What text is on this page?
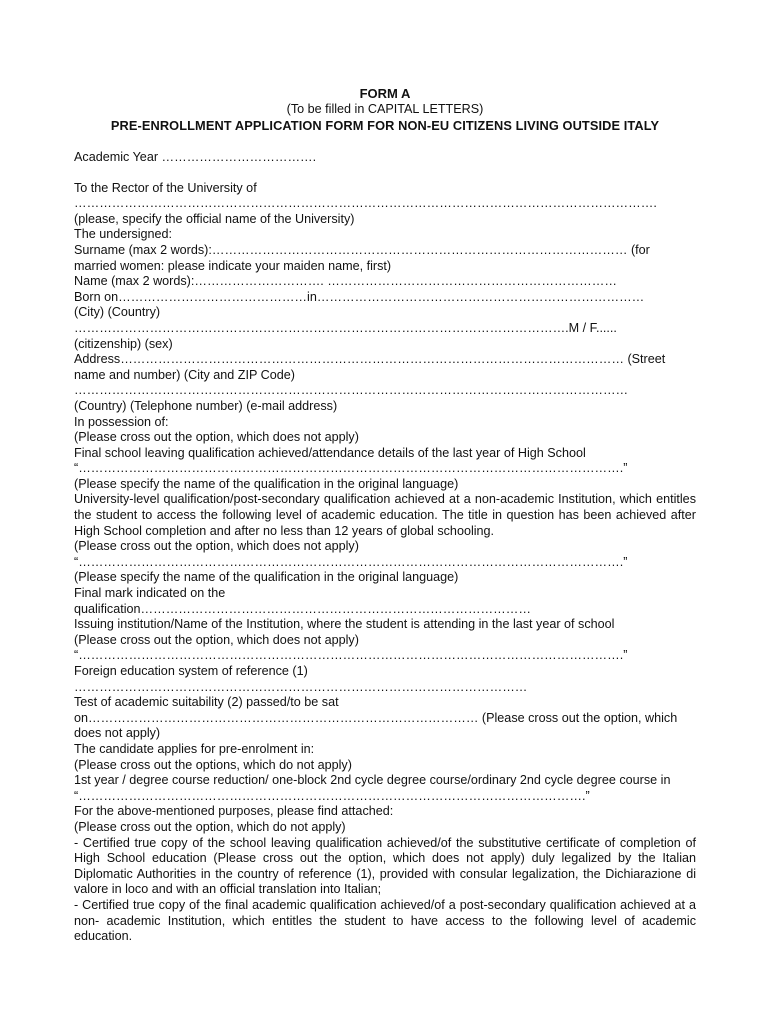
FORM A
(To be filled in CAPITAL LETTERS)
PRE-ENROLLMENT APPLICATION FORM FOR NON-EU CITIZENS LIVING OUTSIDE ITALY

Academic Year ……………………………….

To the Rector of the University of

………………………………………………………………………………………………………………………….

(please, specify the official name of the University)

The undersigned:

Surname (max 2 words):……………………………………………………………………………………… (for

married women: please indicate your maiden name, first)

Name (max 2 words):…………………………. ……………………………………………………………

Born on………………………………………in……………………………………………………………………

(City) (Country)

……………………………………………………………………………………………………….M / F......

(citizenship) (sex)

Address………………………………………………………………………………………………………… (Street

name and number) (City and ZIP Code)

……………………………………………………………………………………………………………………

(Country) (Telephone number) (e-mail address)

In possession of:

(Please cross out the option, which does not apply)

Final school leaving qualification achieved/attendance details of the last year of High School

“………………………………………………………………………………………………………………….”

(Please specify the name of the qualification in the original language)

University-level qualification/post-secondary qualification achieved at a non-academic Institution, which entitles the student to access the following level of academic education. The title in question has been achieved after High School completion and after no less than 12 years of global schooling.

(Please cross out the option, which does not apply)

“………………………………………………………………………………………………………………….”

(Please specify the name of the qualification in the original language)

Final mark indicated on the

qualification…………………………………………………………………………………

Issuing institution/Name of the Institution, where the student is attending in the last year of school

(Please cross out the option, which does not apply)

“………………………………………………………………………………………………………………….”

Foreign education system of reference (1)

………………………………………………………………………………………………

Test of academic suitability (2) passed/to be sat

on………………………………………………………………………………… (Please cross out the option, which does not apply)

The candidate applies for pre-enrolment in:

(Please cross out the options, which do not apply)

1st year / degree course reduction/ one-block 2nd cycle degree course/ordinary 2nd cycle degree course in “………………………………………………………………………………………………………….”

For the above-mentioned purposes, please find attached:

(Please cross out the option, which do not apply)

- Certified true copy of the school leaving qualification achieved/of the substitutive certificate of completion of High School education (Please cross out the option, which does not apply) duly legalized by the Italian Diplomatic Authorities in the country of reference (1), provided with consular legalization, the Dichiarazione di valore in loco and with an official translation into Italian;

- Certified true copy of the final academic qualification achieved/of a post-secondary qualification achieved at a non- academic Institution, which entitles the student to have access to the following level of academic education.
